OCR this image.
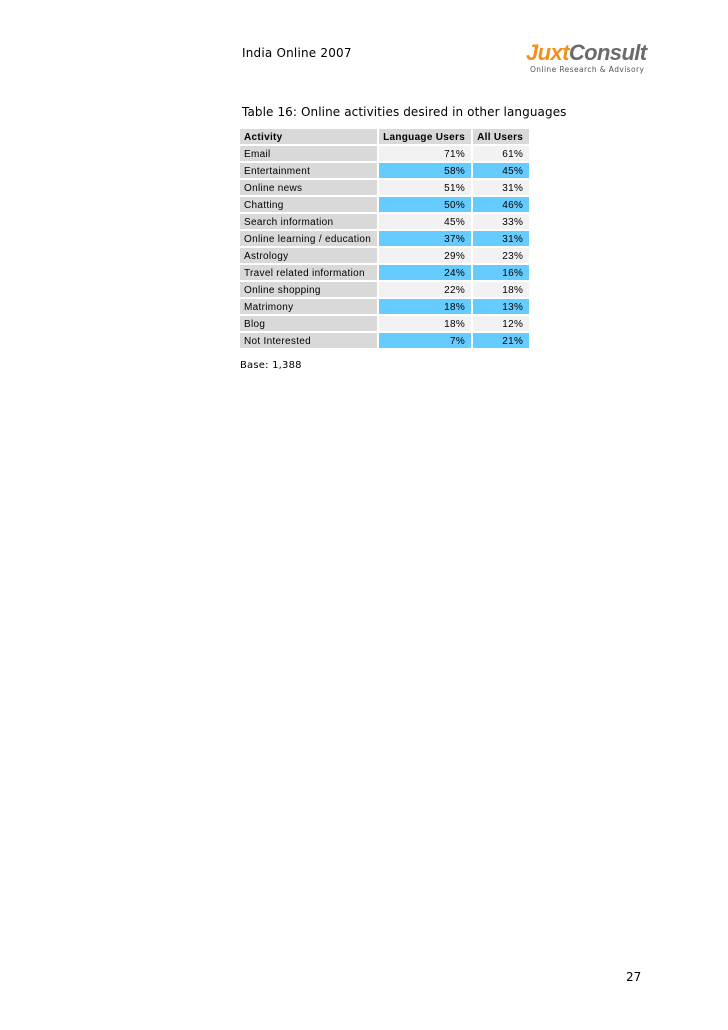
India Online 2007	JuxtConsult
Online Research & Advisory
Table 16: Online activities desired in other languages
Activity	Language Users	All Users
Email	71%	61%
Entertainment	58%	45%
Online news	51%	31%
Chatting	50%	46%
Search information	45%	33%
Online learning / education	37%	31%
Astrology	29%	23%
Travel related information	24%	16%
Online shopping	22%	18%
Matrimony	18%	13%
Blog	18%	12%
Not Interested	7%	21%
Base: 1,388
27
